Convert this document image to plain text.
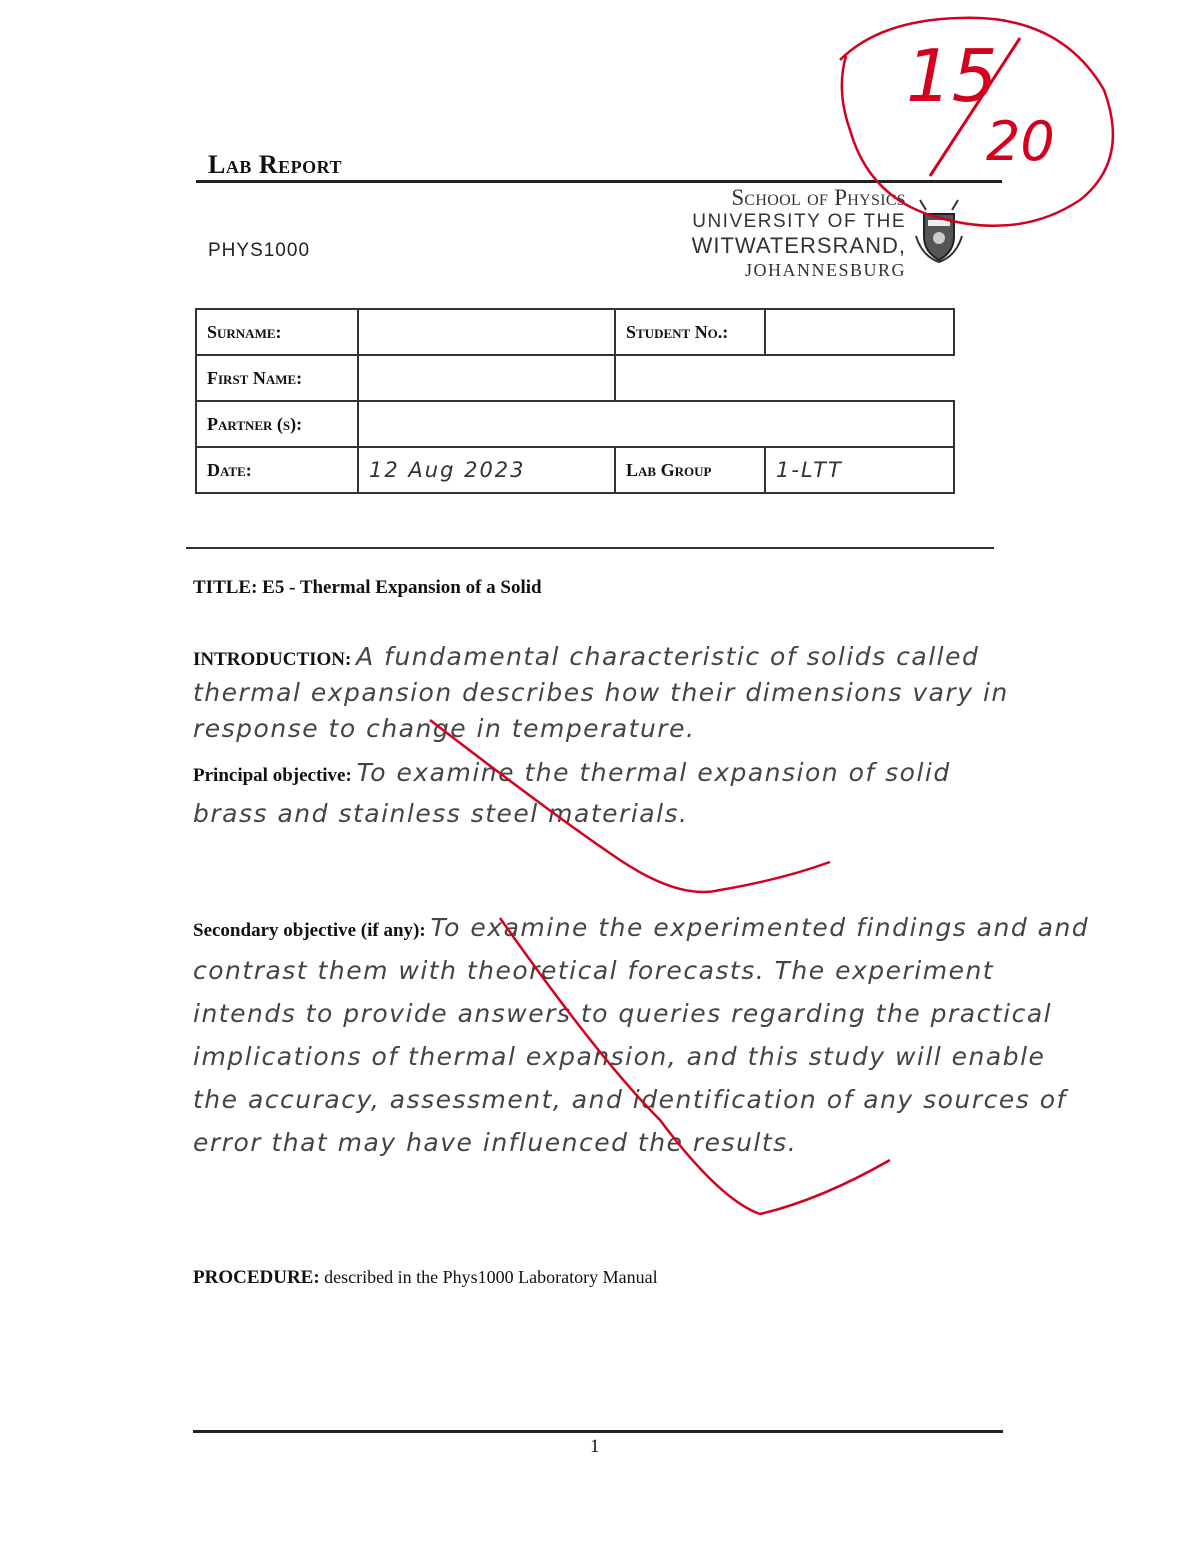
Lab Report
School of Physics
UNIVERSITY OF THE
WITWATERSRAND,
JOHANNESBURG
PHYS1000
Surname:		Student No.:	
First Name:			
Partner (s):			
Date:	12 Aug 2023	Lab Group	1-LTT
TITLE: E5 - Thermal Expansion of a Solid
INTRODUCTION: A fundamental characteristic of solids called thermal expansion describes how their dimensions vary in response to change in temperature.
Principal objective: To examine the thermal expansion of solid brass and stainless steel materials.
Secondary objective (if any): To examine the experimented findings and and contrast them with theoretical forecasts. The experiment intends to provide answers to queries regarding the practical implications of thermal expansion, and this study will enable the accuracy, assessment, and identification of any sources of error that may have influenced the results.
PROCEDURE: described in the Phys1000 Laboratory Manual
1
15
20
